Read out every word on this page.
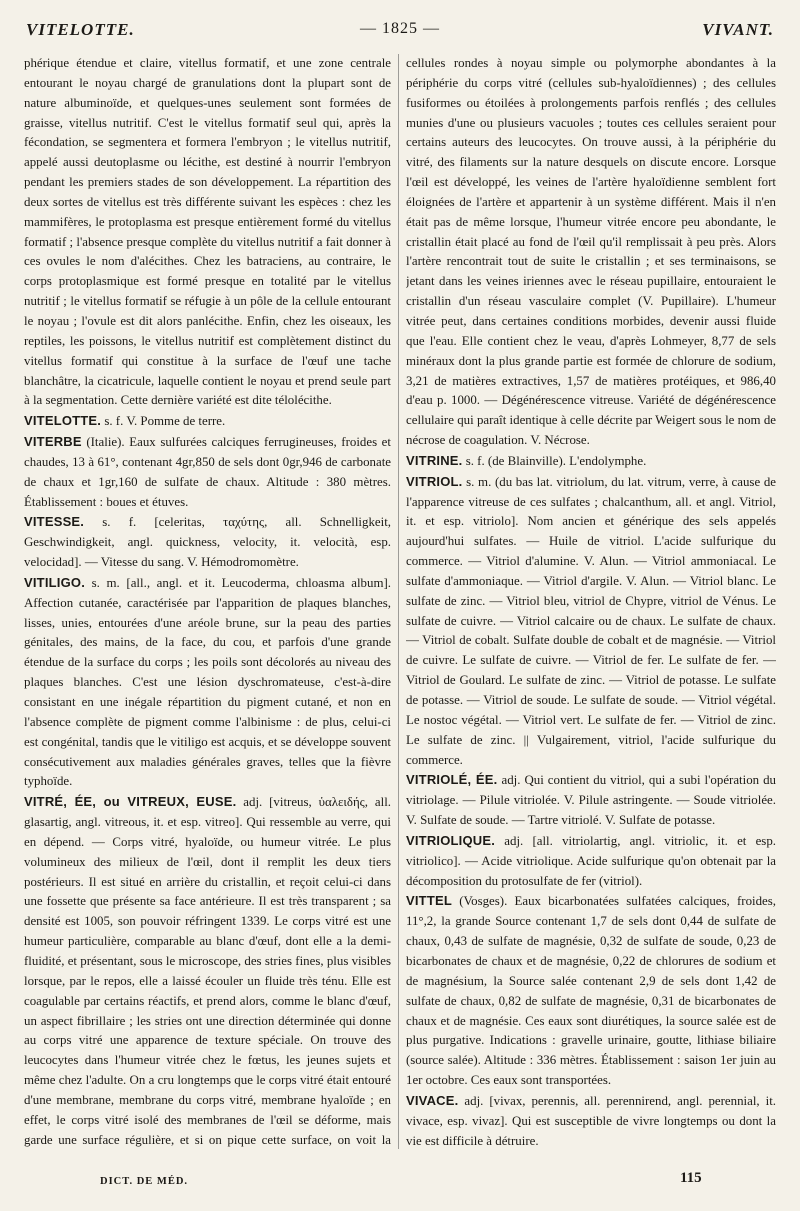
VITELOTTE.	— 1825 —	VIVANT.

phérique étendue et claire, vitellus formatif, et une zone centrale entourant le noyau chargé de granulations dont la plupart sont de nature albuminoïde, et quelques-unes seulement sont formées de graisse, vitellus nutritif. C'est le vitellus formatif seul qui, après la fécondation, se segmentera et formera l'embryon ; le vitellus nutritif, appelé aussi deutoplasme ou lécithe, est destiné à nourrir l'embryon pendant les premiers stades de son développement. La répartition des deux sortes de vitellus est très différente suivant les espèces : chez les mammifères, le protoplasma est presque entièrement formé du vitellus formatif ; l'absence presque complète du vitellus nutritif a fait donner à ces ovules le nom d'alécithes. Chez les batraciens, au contraire, le corps protoplasmique est formé presque en totalité par le vitellus nutritif ; le vitellus formatif se réfugie à un pôle de la cellule entourant le noyau ; l'ovule est dit alors panlécithe. Enfin, chez les oiseaux, les reptiles, les poissons, le vitellus nutritif est complètement distinct du vitellus formatif qui constitue à la surface de l'œuf une tache blanchâtre, la cicatricule, laquelle contient le noyau et prend seule part à la segmentation. Cette dernière variété est dite télolécithe.

VITELOTTE. s. f. V. Pomme de terre.

VITERBE (Italie). Eaux sulfurées calciques ferrugineuses, froides et chaudes, 13 à 61°, contenant 4gr,850 de sels dont 0gr,946 de carbonate de chaux et 1gr,160 de sulfate de chaux. Altitude : 380 mètres. Établissement : boues et étuves.

VITESSE. s. f. [celeritas, ταχύτης, all. Schnelligkeit, Geschwindigkeit, angl. quickness, velocity, it. velocità, esp. velocidad]. — Vitesse du sang. V. Hémodromomètre.

VITILIGO. s. m. [all., angl. et it. Leucoderma, chloasma album]. Affection cutanée, caractérisée par l'apparition de plaques blanches, lisses, unies, entourées d'une aréole brune, sur la peau des parties génitales, des mains, de la face, du cou, et parfois d'une grande étendue de la surface du corps ; les poils sont décolorés au niveau des plaques blanches. C'est une lésion dyschromateuse, c'est-à-dire consistant en une inégale répartition du pigment cutané, et non en l'absence complète de pigment comme l'albinisme : de plus, celui-ci est congénital, tandis que le vitiligo est acquis, et se développe souvent consécutivement aux maladies générales graves, telles que la fièvre typhoïde.

VITRÉ, ÉE, ou VITREUX, EUSE. adj. [vitreus, ὑαλειδής, all. glasartig, angl. vitreous, it. et esp. vitreo]. Qui ressemble au verre, qui en dépend. — Corps vitré, hyaloïde, ou humeur vitrée. Le plus volumineux des milieux de l'œil, dont il remplit les deux tiers postérieurs. Il est situé en arrière du cristallin, et reçoit celui-ci dans une fossette que présente sa face antérieure. Il est très transparent ; sa densité est 1005, son pouvoir réfringent 1339. Le corps vitré est une humeur particulière, comparable au blanc d'œuf, dont elle a la demi-fluidité, et présentant, sous le microscope, des stries fines, plus visibles lorsque, par le repos, elle a laissé écouler un fluide très ténu. Elle est coagulable par certains réactifs, et prend alors, comme le blanc d'œuf, un aspect fibrillaire ; les stries ont une direction déterminée qui donne au corps vitré une apparence de texture spéciale. On trouve des leucocytes dans l'humeur vitrée chez le fœtus, les jeunes sujets et même chez l'adulte. On a cru longtemps que le corps vitré était entouré d'une membrane, membrane du corps vitré, membrane hyaloïde ; en effet, le corps vitré isolé des membranes de l'œil se déforme, mais garde une surface régulière, et si on pique cette surface, on voit la

cellules rondes à noyau simple ou polymorphe abondantes à la périphérie du corps vitré (cellules sub-hyaloïdiennes) ; des cellules fusiformes ou étoilées à prolongements parfois renflés ; des cellules munies d'une ou plusieurs vacuoles ; toutes ces cellules seraient pour certains auteurs des leucocytes. On trouve aussi, à la périphérie du vitré, des filaments sur la nature desquels on discute encore. Lorsque l'œil est développé, les veines de l'artère hyaloïdienne semblent fort éloignées de l'artère et appartenir à un système différent. Mais il n'en était pas de même lorsque, l'humeur vitrée encore peu abondante, le cristallin était placé au fond de l'œil qu'il remplissait à peu près. Alors l'artère rencontrait tout de suite le cristallin ; et ses terminaisons, se jetant dans les veines iriennes avec le réseau pupillaire, entouraient le cristallin d'un réseau vasculaire complet (V. Pupillaire). L'humeur vitrée peut, dans certaines conditions morbides, devenir aussi fluide que l'eau. Elle contient chez le veau, d'après Lohmeyer, 8,77 de sels minéraux dont la plus grande partie est formée de chlorure de sodium, 3,21 de matières extractives, 1,57 de matières protéiques, et 986,40 d'eau p. 1000. — Dégénérescence vitreuse. Variété de dégénérescence cellulaire qui paraît identique à celle décrite par Weigert sous le nom de nécrose de coagulation. V. Nécrose.

VITRINE. s. f. (de Blainville). L'endolymphe.

VITRIOL. s. m. (du bas lat. vitriolum, du lat. vitrum, verre, à cause de l'apparence vitreuse de ces sulfates ; chalcanthum, all. et angl. Vitriol, it. et esp. vitriolo]. Nom ancien et générique des sels appelés aujourd'hui sulfates. — Huile de vitriol. L'acide sulfurique du commerce. — Vitriol d'alumine. V. Alun. — Vitriol ammoniacal. Le sulfate d'ammoniaque. — Vitriol d'argile. V. Alun. — Vitriol blanc. Le sulfate de zinc. — Vitriol bleu, vitriol de Chypre, vitriol de Vénus. Le sulfate de cuivre. — Vitriol calcaire ou de chaux. Le sulfate de chaux. — Vitriol de cobalt. Sulfate double de cobalt et de magnésie. — Vitriol de cuivre. Le sulfate de cuivre. — Vitriol de fer. Le sulfate de fer. — Vitriol de Goulard. Le sulfate de zinc. — Vitriol de potasse. Le sulfate de potasse. — Vitriol de soude. Le sulfate de soude. — Vitriol végétal. Le nostoc végétal. — Vitriol vert. Le sulfate de fer. — Vitriol de zinc. Le sulfate de zinc. || Vulgairement, vitriol, l'acide sulfurique du commerce.

VITRIOLÉ, ÉE. adj. Qui contient du vitriol, qui a subi l'opération du vitriolage. — Pilule vitriolée. V. Pilule astringente. — Soude vitriolée. V. Sulfate de soude. — Tartre vitriolé. V. Sulfate de potasse.

VITRIOLIQUE. adj. [all. vitriolartig, angl. vitriolic, it. et esp. vitriolico]. — Acide vitriolique. Acide sulfurique qu'on obtenait par la décomposition du protosulfate de fer (vitriol).

VITTEL (Vosges). Eaux bicarbonatées sulfatées calciques, froides, 11°,2, la grande Source contenant 1,7 de sels dont 0,44 de sulfate de chaux, 0,43 de sulfate de magnésie, 0,32 de sulfate de soude, 0,23 de bicarbonates de chaux et de magnésie, 0,22 de chlorures de sodium et de magnésium, la Source salée contenant 2,9 de sels dont 1,42 de sulfate de chaux, 0,82 de sulfate de magnésie, 0,31 de bicarbonates de chaux et de magnésie. Ces eaux sont diurétiques, la source salée est de plus purgative. Indications : gravelle urinaire, goutte, lithiase biliaire (source salée). Altitude : 336 mètres. Établissement : saison 1er juin au 1er octobre. Ces eaux sont transportées.

VIVACE. adj. [vivax, perennis, all. perennirend, angl. perennial, it. vivace, esp. vivaz]. Qui est susceptible de vivre longtemps ou dont la vie est difficile à détruire.

DICT. DE MÉD.	115
